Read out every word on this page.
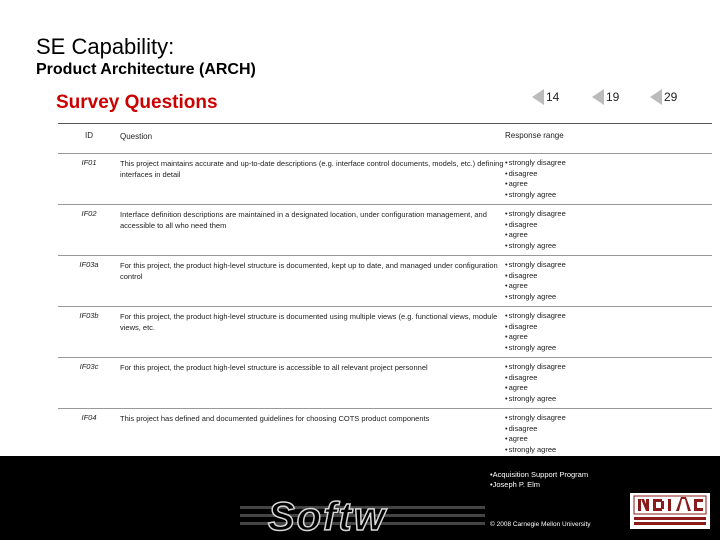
SE Capability:
Product Architecture (ARCH)
Survey Questions	14	19	29
ID	Question	Response range
IF01	This project maintains accurate and up-to-date descriptions (e.g. interface control documents, models, etc.) defining interfaces in detail	• strongly disagree
• disagree
• agree
• strongly agree

IF02	Interface definition descriptions are maintained in a designated location, under configuration management, and accessible to all who need them	• strongly disagree
• disagree
• agree
• strongly agree

IF03a	For this project, the product high-level structure is documented, kept up to date, and managed under configuration control	• strongly disagree
• disagree
• agree
• strongly agree

IF03b	For this project, the product high-level structure is documented using multiple views (e.g. functional views, module views, etc.	• strongly disagree
• disagree
• agree
• strongly agree

IF03c	For this project, the product high-level structure is accessible to all relevant project personnel	• strongly disagree
• disagree
• agree
• strongly agree

IF04	This project has defined and documented guidelines for choosing COTS product components	• strongly disagree
• disagree
• agree
• strongly agree
Softw
•Acquisition Support Program
•Joseph P. Elm
© 2008 Carnegie Mellon University
